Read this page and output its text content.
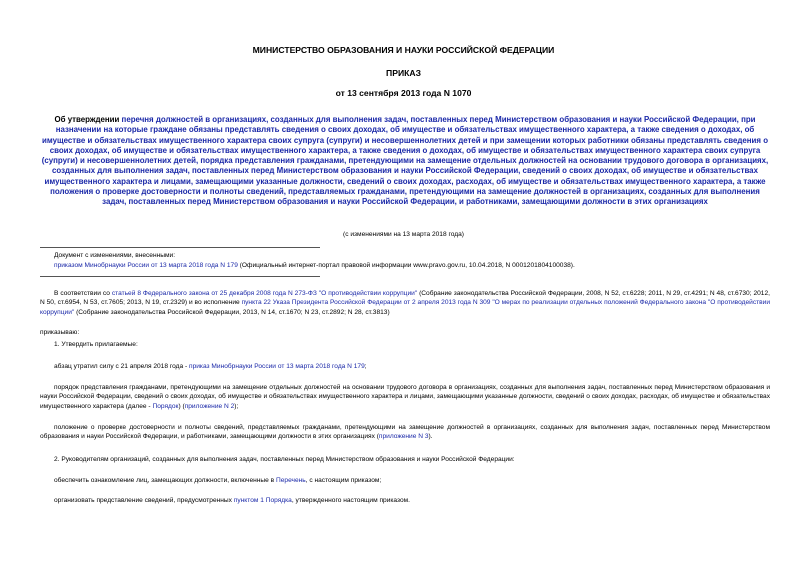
МИНИСТЕРСТВО ОБРАЗОВАНИЯ И НАУКИ РОССИЙСКОЙ ФЕДЕРАЦИИ
ПРИКАЗ
от 13 сентября 2013 года N 1070
Об утверждении перечня должностей в организациях, созданных для выполнения задач, поставленных перед Министерством образования и науки Российской Федерации, при назначении на которые граждане обязаны представлять сведения о своих доходах, об имуществе и обязательствах имущественного характера, а также сведения о доходах, об имуществе и обязательствах имущественного характера своих супруга (супруги) и несовершеннолетних детей и при замещении которых работники обязаны представлять сведения о своих доходах, об имуществе и обязательствах имущественного характера, а также сведения о доходах, об имуществе и обязательствах имущественного характера своих супруга (супруги) и несовершеннолетних детей, порядка представления гражданами, претендующими на замещение отдельных должностей на основании трудового договора в организациях, созданных для выполнения задач, поставленных перед Министерством образования и науки Российской Федерации, сведений о своих доходах, об имуществе и обязательствах имущественного характера и лицами, замещающими указанные должности, сведений о своих доходах, расходах, об имуществе и обязательствах имущественного характера, а также положения о проверке достоверности и полноты сведений, представляемых гражданами, претендующими на замещение должностей в организациях, созданных для выполнения задач, поставленных перед Министерством образования и науки Российской Федерации, и работниками, замещающими должности в этих организациях
(с изменениями на 13 марта 2018 года)
Документ с изменениями, внесенными:
приказом Минобрнауки России от 13 марта 2018 года N 179 (Официальный интернет-портал правовой информации www.pravo.gov.ru, 10.04.2018, N 0001201804100038).
В соответствии со статьей 8 Федерального закона от 25 декабря 2008 года N 273-ФЗ "О противодействии коррупции" (Собрание законодательства Российской Федерации, 2008, N 52, ст.6228; 2011, N 29, ст.4291; N 48, ст.6730; 2012, N 50, ст.6954, N 53, ст.7605; 2013, N 19, ст.2329) и во исполнение пункта 22 Указа Президента Российской Федерации от 2 апреля 2013 года N 309 "О мерах по реализации отдельных положений Федерального закона "О противодействии коррупции" (Собрание законодательства Российской Федерации, 2013, N 14, ст.1670; N 23, ст.2892; N 28, ст.3813)
приказываю:
1. Утвердить прилагаемые:
абзац утратил силу с 21 апреля 2018 года - приказ Минобрнауки России от 13 марта 2018 года N 179;
порядок представления гражданами, претендующими на замещение отдельных должностей на основании трудового договора в организациях, созданных для выполнения задач, поставленных перед Министерством образования и науки Российской Федерации, сведений о своих доходах, об имуществе и обязательствах имущественного характера и лицами, замещающими указанные должности, сведений о своих доходах, расходах, об имуществе и обязательствах имущественного характера (далее - Порядок) (приложение N 2);
положение о проверке достоверности и полноты сведений, представляемых гражданами, претендующими на замещение должностей в организациях, созданных для выполнения задач, поставленных перед Министерством образования и науки Российской Федерации, и работниками, замещающими должности в этих организациях (приложение N 3).
2. Руководителям организаций, созданных для выполнения задач, поставленных перед Министерством образования и науки Российской Федерации:
обеспечить ознакомление лиц, замещающих должности, включенные в Перечень, с настоящим приказом;
организовать представление сведений, предусмотренных пунктом 1 Порядка, утвержденного настоящим приказом.
